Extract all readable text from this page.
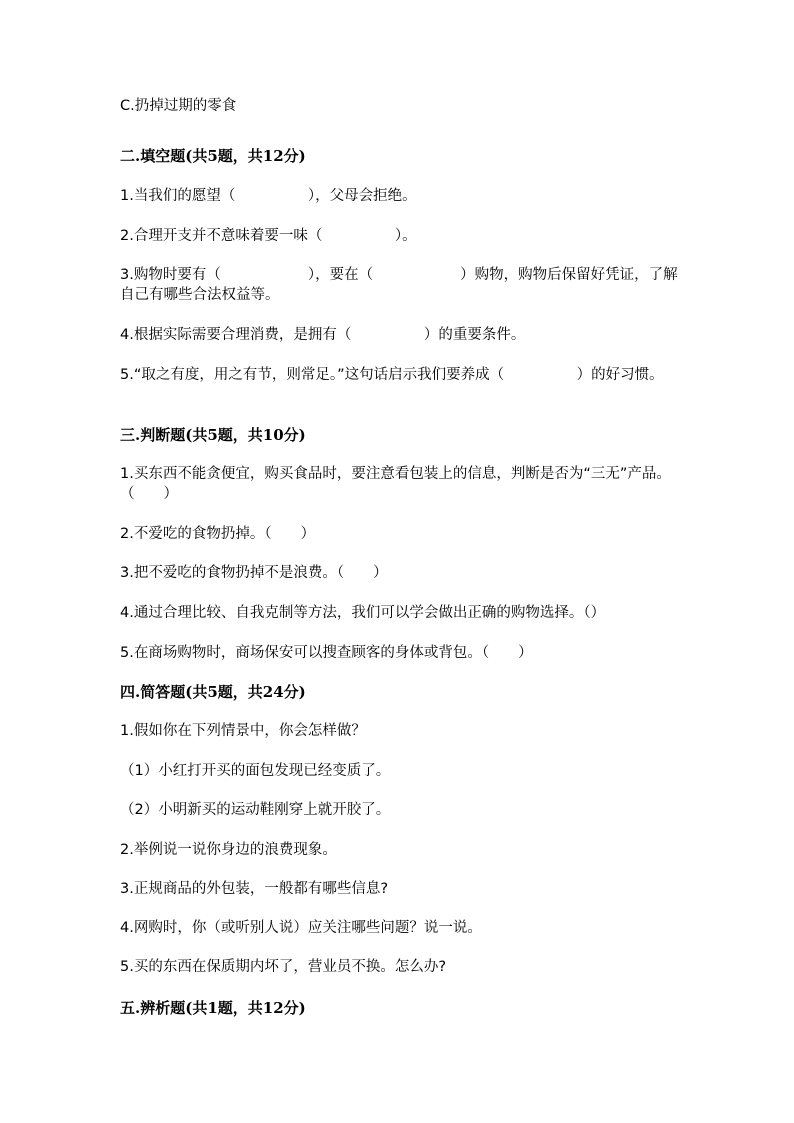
C.扔掉过期的零食
二.填空题(共5题，共12分)
1.当我们的愿望（　　　　　），父母会拒绝。
2.合理开支并不意味着要一味（　　　　　）。
3.购物时要有（　　　　　　），要在（　　　　　　）购物，购物后保留好凭证，了解自己有哪些合法权益等。
4.根据实际需要合理消费，是拥有（　　　　　）的重要条件。
5.“取之有度，用之有节，则常足。”这句话启示我们要养成（　　　　　）的好习惯。
三.判断题(共5题，共10分)
1.买东西不能贪便宜，购买食品时，要注意看包装上的信息，判断是否为“三无”产品。（　　）
2.不爱吃的食物扔掉。（　　）
3.把不爱吃的食物扔掉不是浪费。（　　）
4.通过合理比较、自我克制等方法，我们可以学会做出正确的购物选择。（）
5.在商场购物时，商场保安可以搜查顾客的身体或背包。（　　）
四.简答题(共5题，共24分)
1.假如你在下列情景中，你会怎样做？
（1）小红打开买的面包发现已经变质了。
（2）小明新买的运动鞋刚穿上就开胶了。
2.举例说一说你身边的浪费现象。
3.正规商品的外包装，一般都有哪些信息?
4.网购时，你（或听别人说）应关注哪些问题？说一说。
5.买的东西在保质期内坏了，营业员不换。怎么办?
五.辨析题(共1题，共12分)
